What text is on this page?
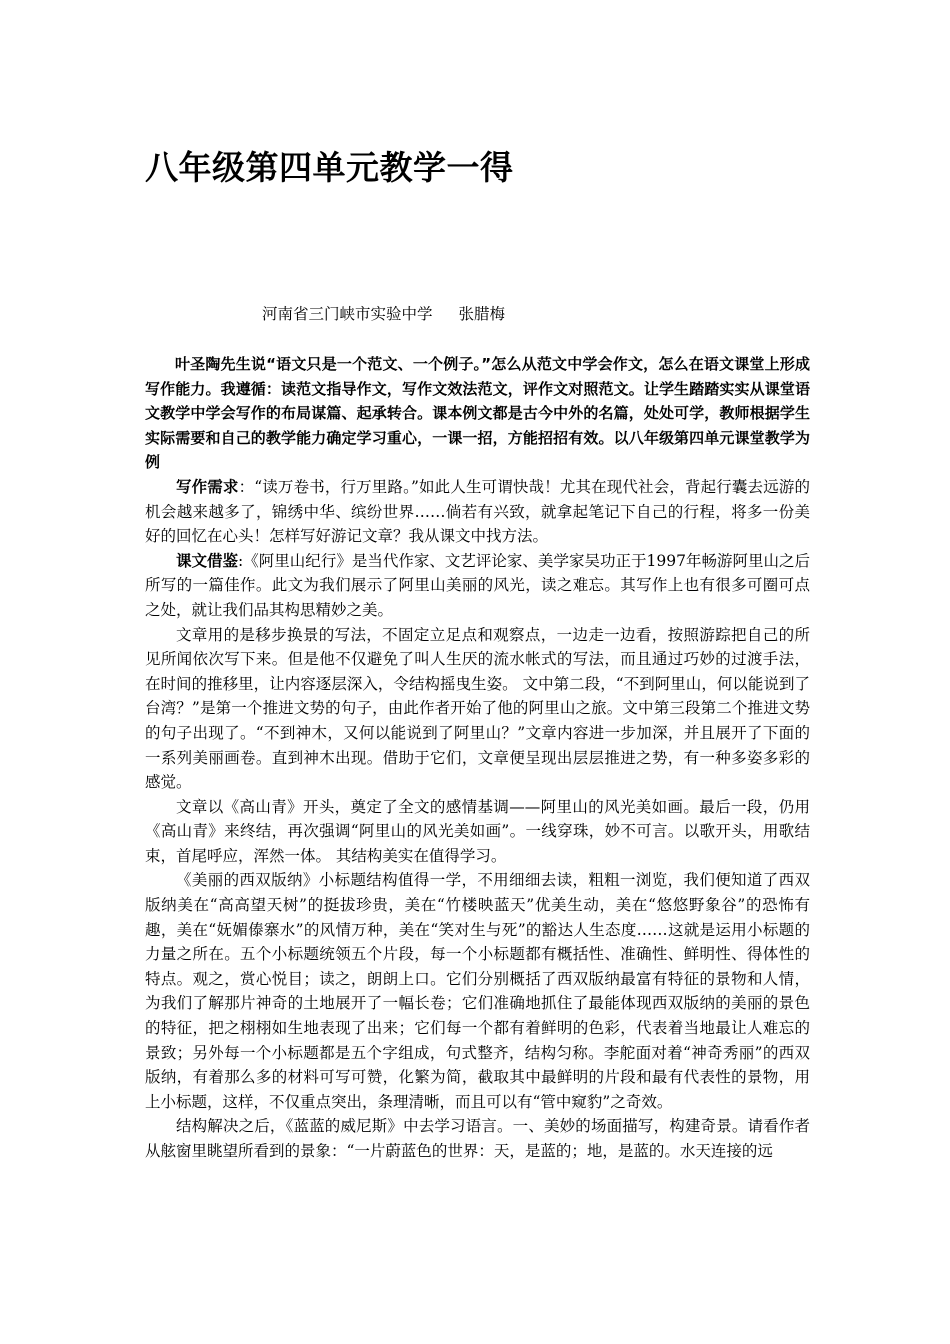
八年级第四单元教学一得
河南省三门峡市实验中学 张腊梅

叶圣陶先生说“语文只是一个范文、一个例子。”怎么从范文中学会作文，怎么在语文课堂上形成写作能力。我遵循：读范文指导作文，写作文效法范文，评作文对照范文。让学生踏踏实实从课堂语文教学中学会写作的布局谋篇、起承转合。课本例文都是古今中外的名篇，处处可学，教师根据学生实际需要和自己的教学能力确定学习重心，一课一招，方能招招有效。以八年级第四单元课堂教学为例

写作需求：“读万卷书，行万里路。”如此人生可谓快哉！尤其在现代社会，背起行囊去远游的机会越来越多了，锦绣中华、缤纷世界……倘若有兴致，就拿起笔记下自己的行程，将多一份美好的回忆在心头！怎样写好游记文章？我从课文中找方法。

课文借鉴:《阿里山纪行》是当代作家、文艺评论家、美学家吴功正于1997年畅游阿里山之后所写的一篇佳作。此文为我们展示了阿里山美丽的风光，读之难忘。其写作上也有很多可圈可点之处，就让我们品其构思精妙之美。

文章用的是移步换景的写法，不固定立足点和观察点，一边走一边看，按照游踪把自己的所见所闻依次写下来。但是他不仅避免了叫人生厌的流水帐式的写法，而且通过巧妙的过渡手法，在时间的推移里，让内容逐层深入，令结构摇曳生姿。 文中第二段，“不到阿里山，何以能说到了台湾？”是第一个推进文势的句子，由此作者开始了他的阿里山之旅。文中第三段第二个推进文势的句子出现了。“不到神木，又何以能说到了阿里山？”文章内容进一步加深，并且展开了下面的一系列美丽画卷。直到神木出现。借助于它们，文章便呈现出层层推进之势，有一种多姿多彩的感觉。

文章以《高山青》开头，奠定了全文的感情基调——阿里山的风光美如画。最后一段，仍用《高山青》来终结，再次强调“阿里山的风光美如画”。一线穿珠，妙不可言。以歌开头，用歌结束，首尾呼应，浑然一体。 其结构美实在值得学习。

《美丽的西双版纳》小标题结构值得一学，不用细细去读，粗粗一浏览，我们便知道了西双版纳美在“高高望天树”的挺拔珍贵，美在“竹楼映蓝天”优美生动，美在“悠悠野象谷”的恐怖有趣，美在“妩媚傣寨水”的风情万种，美在“笑对生与死”的豁达人生态度……这就是运用小标题的力量之所在。五个小标题统领五个片段，每一个小标题都有概括性、准确性、鲜明性、得体性的特点。观之，赏心悦目；读之，朗朗上口。它们分别概括了西双版纳最富有特征的景物和人情，为我们了解那片神奇的土地展开了一幅长卷；它们准确地抓住了最能体现西双版纳的美丽的景色的特征，把之栩栩如生地表现了出来；它们每一个都有着鲜明的色彩，代表着当地最让人难忘的景致；另外每一个小标题都是五个字组成，句式整齐，结构匀称。李舵面对着“神奇秀丽”的西双版纳，有着那么多的材料可写可赞，化繁为简，截取其中最鲜明的片段和最有代表性的景物，用上小标题，这样，不仅重点突出，条理清晰，而且可以有“管中窥豹”之奇效。

结构解决之后，《蓝蓝的威尼斯》中去学习语言。一、美妙的场面描写，构建奇景。请看作者从舷窗里眺望所看到的景象：“一片蔚蓝色的世界：天，是蓝的；地，是蓝的。水天连接的远
